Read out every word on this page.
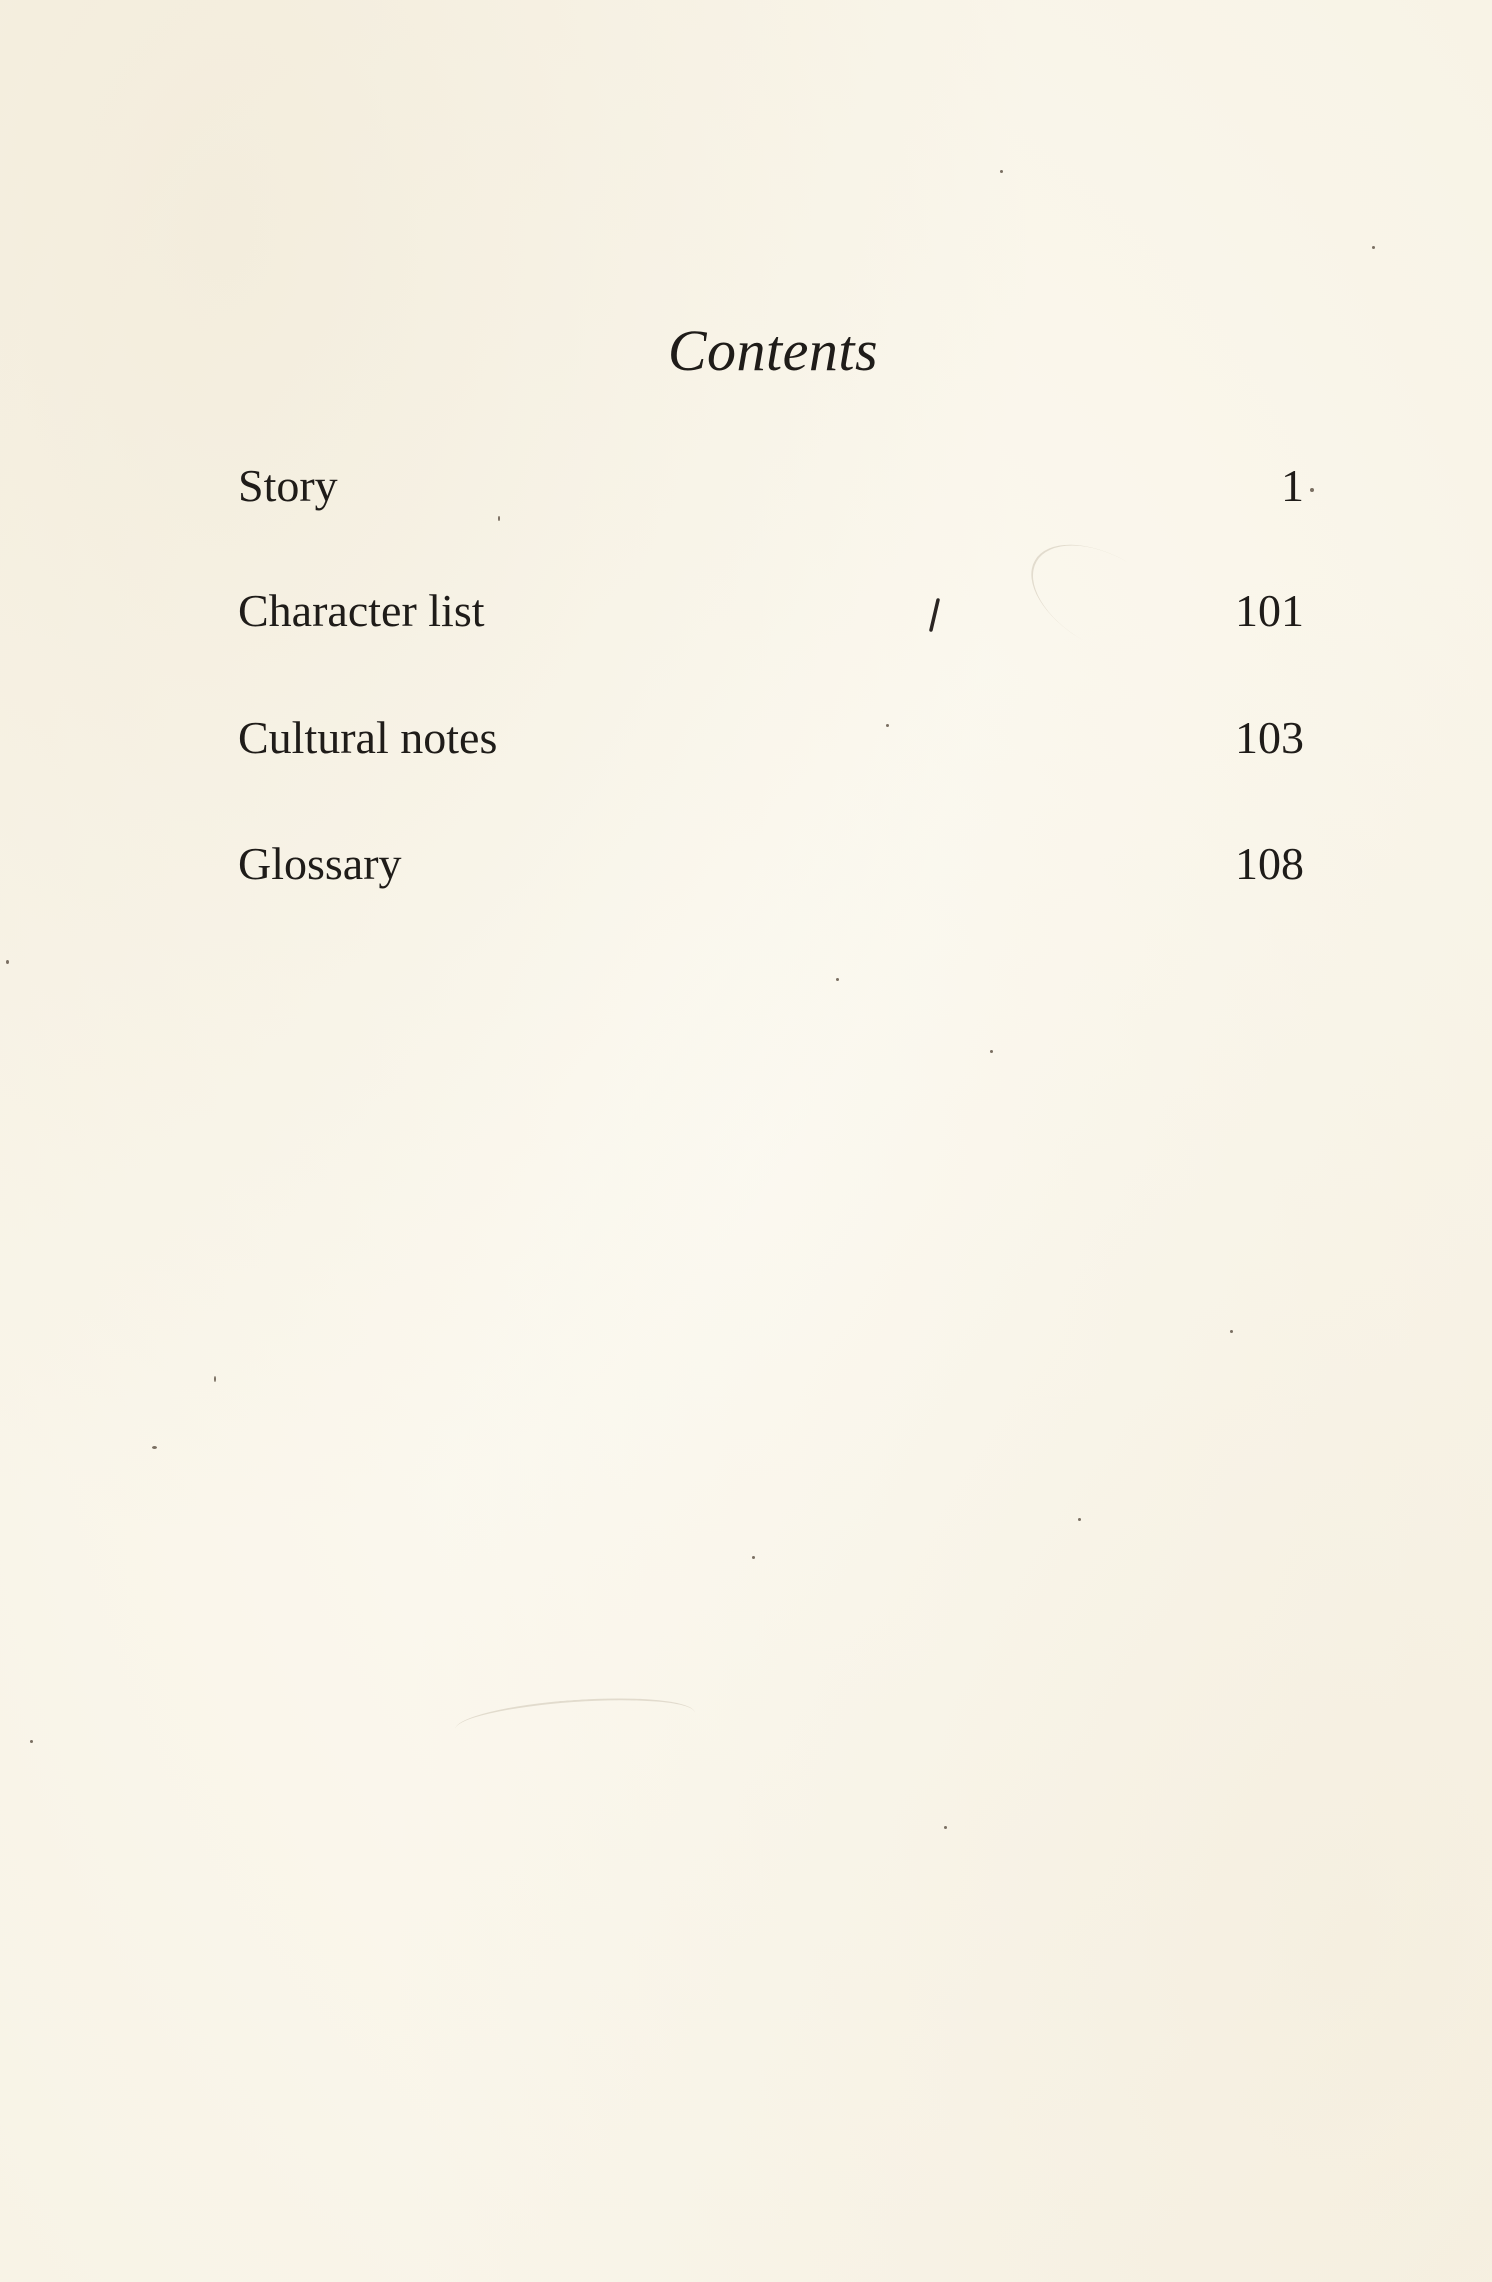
Contents
Story	1
Character list	101
Cultural notes	103
Glossary	108
